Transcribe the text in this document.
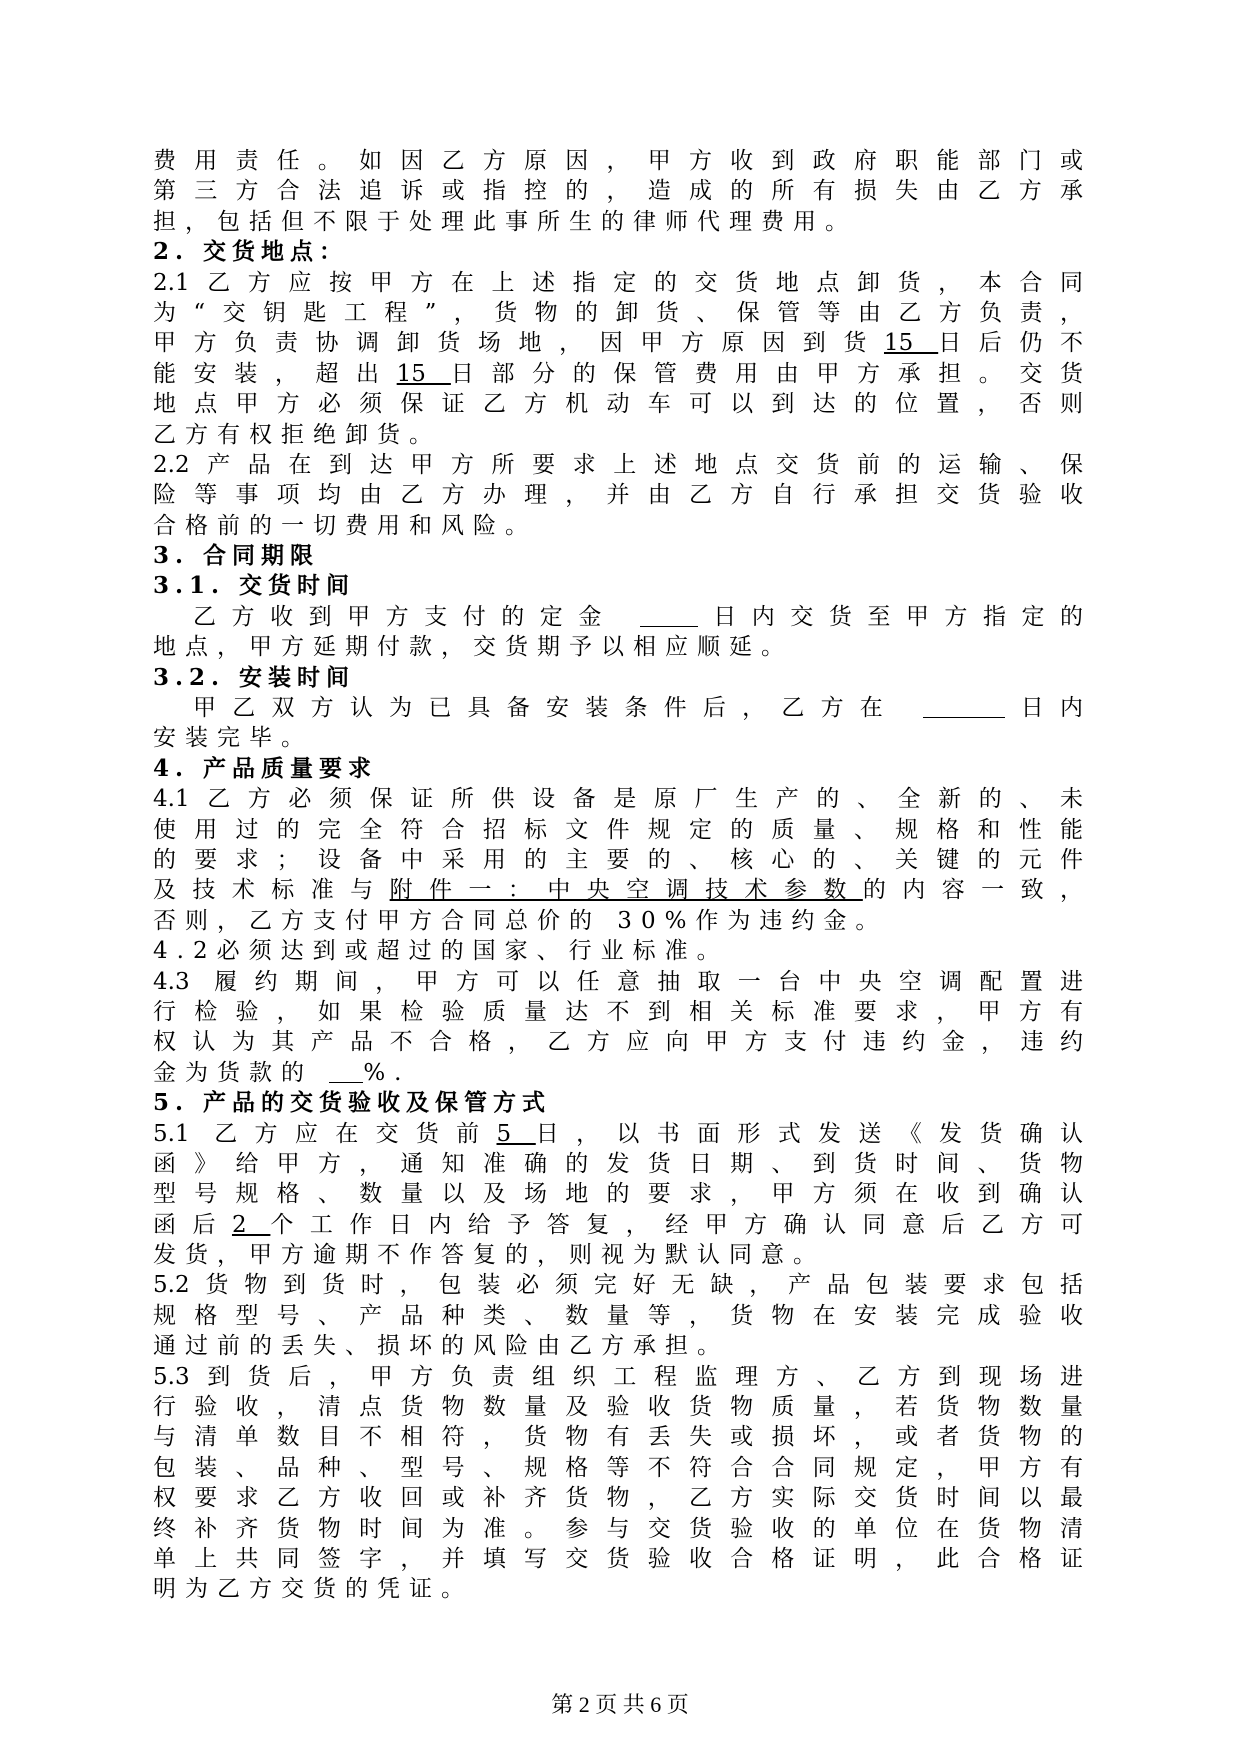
费用责任。如因乙方原因，甲方收到政府职能部门或
第三方合法追诉或指控的，造成的所有损失由乙方承
担，包括但不限于处理此事所生的律师代理费用。
2. 交货地点：
2.1乙方应按甲方在上述指定的交货地点卸货，本合同
为“交钥匙工程”，货物的卸货、保管等由乙方负责，
甲方负责协调卸货场地，因甲方原因到货15 日后仍不
能安装，超出15 日部分的保管费用由甲方承担。交货
地点甲方必须保证乙方机动车可以到达的位置，否则
乙方有权拒绝卸货。
2.2产品在到达甲方所要求上述地点交货前的运输、保
险等事项均由乙方办理，并由乙方自行承担交货验收
合格前的一切费用和风险。
3. 合同期限
3.1. 交货时间
乙方收到甲方支付的定金	日内交货至甲方指定的
地点，甲方延期付款，交货期予以相应顺延。
3.2. 安装时间
甲乙双方认为已具备安装条件后，乙方在	日内
安装完毕。
4. 产品质量要求
4.1乙方必须保证所供设备是原厂生产的、全新的、未
使用过的完全符合招标文件规定的质量、规格和性能
的要求；设备中采用的主要的、核心的、关键的元件
及技术标准与附件一：中央空调技术参数的内容一致，
否则，乙方支付甲方合同总价的 30%作为违约金。
4.2必须达到或超过的国家、行业标准。
4.3 履约期间，甲方可以任意抽取一台中央空调配置进
行检验，如果检验质量达不到相关标准要求，甲方有
权认为其产品不合格，乙方应向甲方支付违约金，违约
金为货款的 %.
5. 产品的交货验收及保管方式
5.1 乙方应在交货前5 日，以书面形式发送《发货确认
函》给甲方，通知准确的发货日期、到货时间、货物
型号规格、数量以及场地的要求，甲方须在收到确认
函后2 个工作日内给予答复，经甲方确认同意后乙方可
发货，甲方逾期不作答复的，则视为默认同意。
5.2货物到货时，包装必须完好无缺，产品包装要求包括
规格型号、产品种类、数量等，货物在安装完成验收
通过前的丢失、损坏的风险由乙方承担。
5.3到货后，甲方负责组织工程监理方、乙方到现场进
行验收，清点货物数量及验收货物质量，若货物数量
与清单数目不相符，货物有丢失或损坏，或者货物的
包装、品种、型号、规格等不符合合同规定，甲方有
权要求乙方收回或补齐货物，乙方实际交货时间以最
终补齐货物时间为准。参与交货验收的单位在货物清
单上共同签字，并填写交货验收合格证明，此合格证
明为乙方交货的凭证。
第 2 页 共 6 页
